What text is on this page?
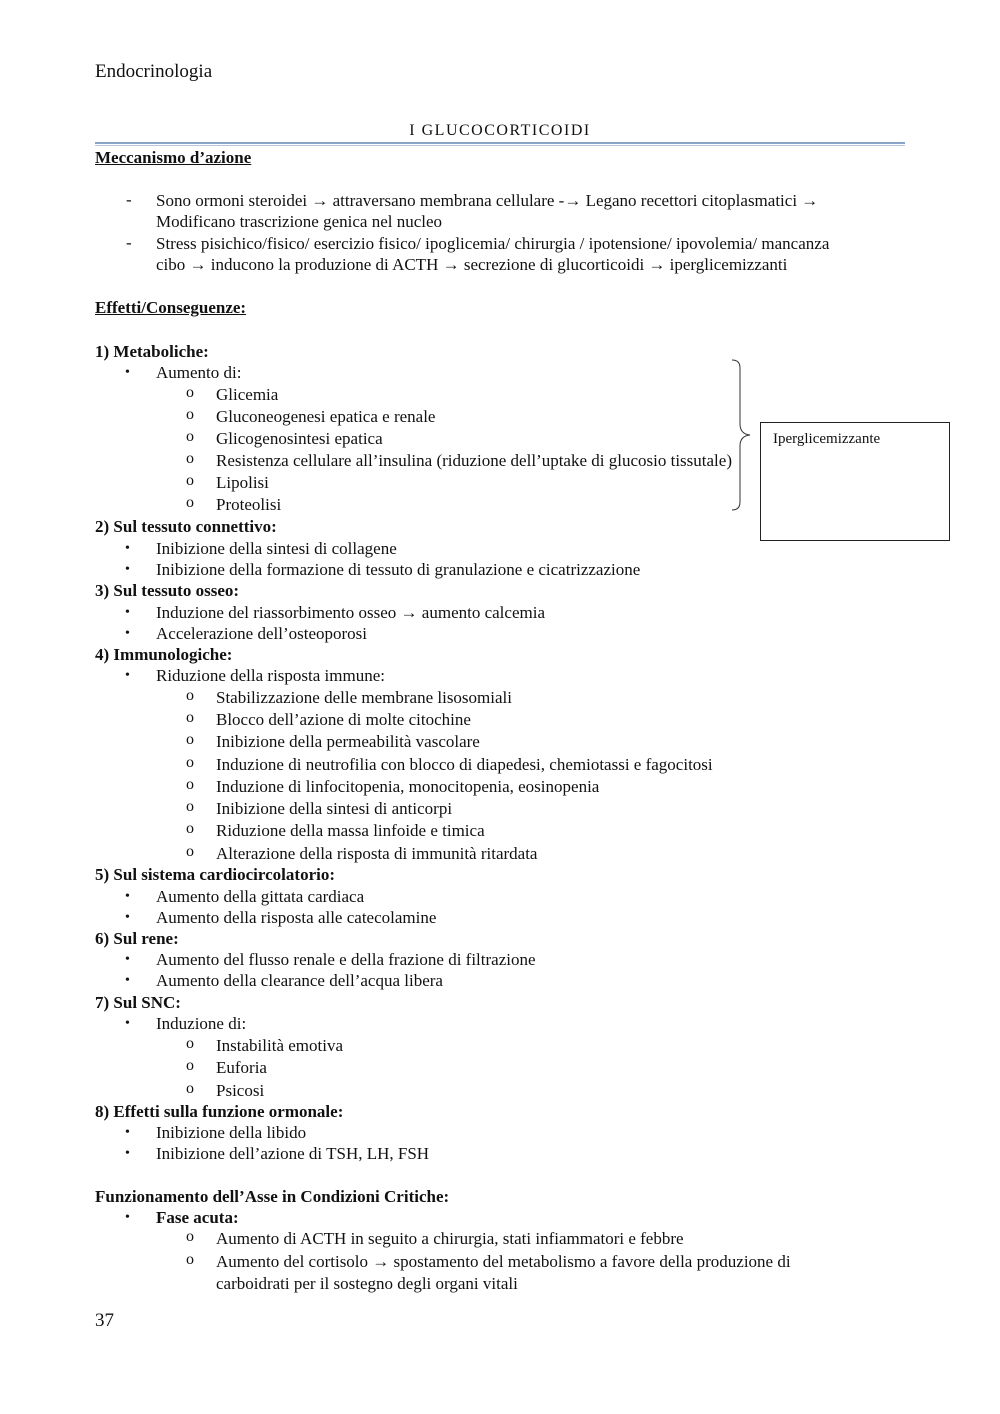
Endocrinologia
I GLUCOCORTICOIDI
Meccanismo d’azione
- Sono ormoni steroidei → attraversano membrana cellulare -→ Legano recettori citoplasmatici →
Modificano trascrizione genica nel nucleo
- Stress pisichico/fisico/ esercizio fisico/ ipoglicemia/ chirurgia / ipotensione/ ipovolemia/ mancanza
cibo → inducono la produzione di ACTH → secrezione di glucorticoidi → iperglicemizzanti
Effetti/Conseguenze:
1) Metaboliche:
• Aumento di:
o Glicemia
o Gluconeogenesi epatica e renale
o Glicogenosintesi epatica
o Resistenza cellulare all’insulina (riduzione dell’uptake di glucosio tissutale)
o Lipolisi
o Proteolisi
Iperglicemizzante
2) Sul tessuto connettivo:
• Inibizione della sintesi di collagene
• Inibizione della formazione di tessuto di granulazione e cicatrizzazione
3) Sul tessuto osseo:
• Induzione del riassorbimento osseo → aumento calcemia
• Accelerazione dell’osteoporosi
4) Immunologiche:
• Riduzione della risposta immune:
o Stabilizzazione delle membrane lisosomiali
o Blocco dell’azione di molte citochine
o Inibizione della permeabilità vascolare
o Induzione di neutrofilia con blocco di diapedesi, chemiotassi e fagocitosi
o Induzione di linfocitopenia, monocitopenia, eosinopenia
o Inibizione della sintesi di anticorpi
o Riduzione della massa linfoide e timica
o Alterazione della risposta di immunità ritardata
5) Sul sistema cardiocircolatorio:
• Aumento della gittata cardiaca
• Aumento della risposta alle catecolamine
6) Sul rene:
• Aumento del flusso renale e della frazione di filtrazione
• Aumento della clearance dell’acqua libera
7) Sul SNC:
• Induzione di:
o Instabilità emotiva
o Euforia
o Psicosi
8) Effetti sulla funzione ormonale:
• Inibizione della libido
• Inibizione dell’azione di TSH, LH, FSH
Funzionamento dell’Asse in Condizioni Critiche:
• Fase acuta:
o Aumento di ACTH in seguito a chirurgia, stati infiammatori e febbre
o Aumento del cortisolo → spostamento del metabolismo a favore della produzione di
carboidrati per il sostegno degli organi vitali
37
